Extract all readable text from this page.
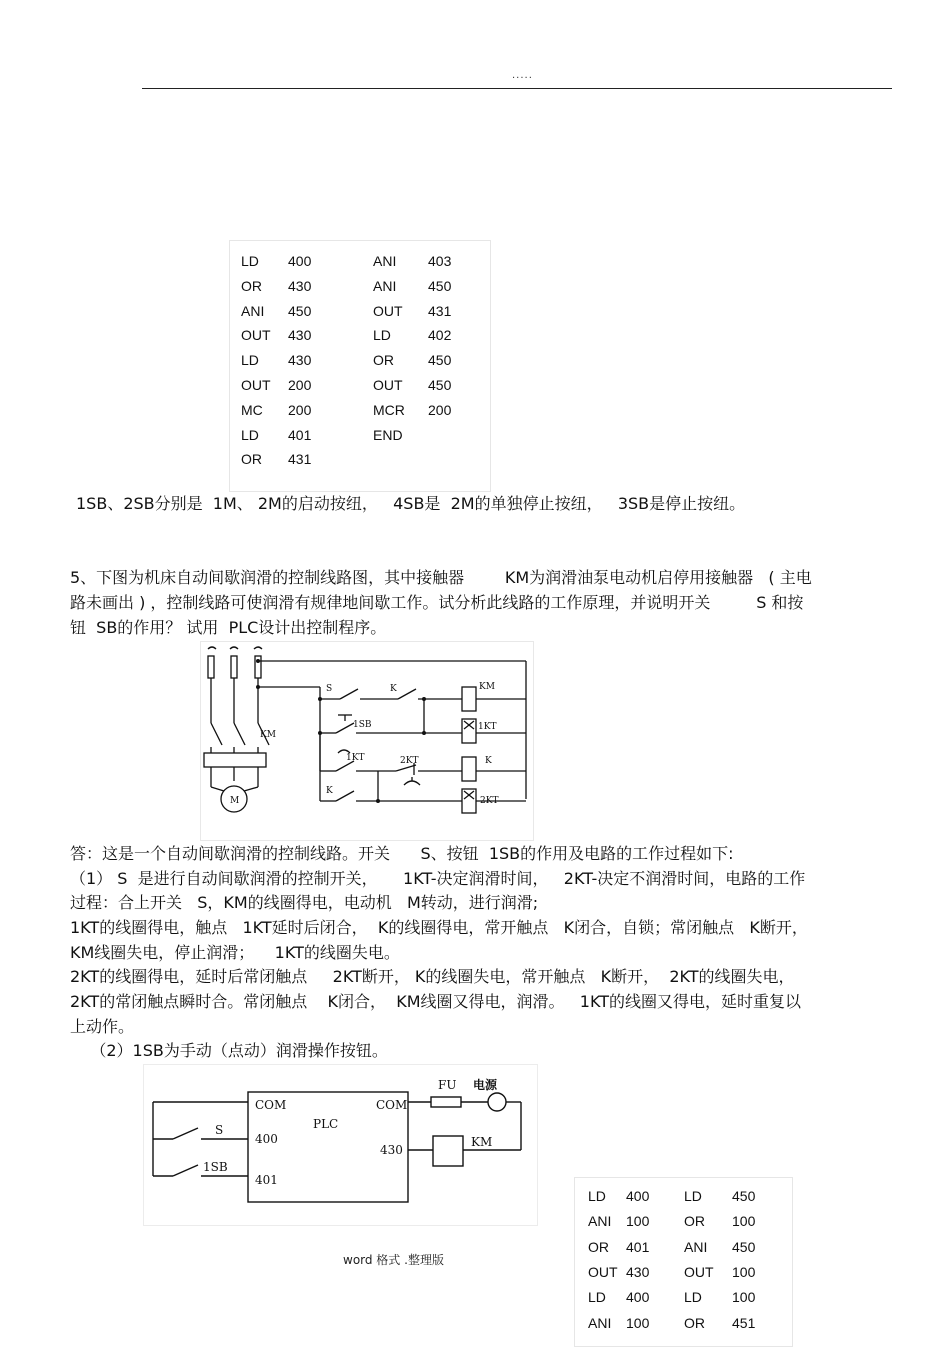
.....
LD 400	ANI 403
OR 430	ANI 450
ANI 450	OUT 431
OUT 430	LD	402
LD 430	OR 450
OUT 200	OUT 450
MC 200	MCR 200
LD 401	END
OR 431
1SB、2SB分别是  1M、 2M的启动按纽，   4SB是  2M的单独停止按纽，   3SB是停止按纽。
5、下图为机床自动间歇润滑的控制线路图，其中接触器        KM为润滑油泵电动机启停用接触器   ( 主电
路未画出 ) ，控制线路可使润滑有规律地间歇工作。试分析此线路的工作原理，并说明开关         S 和按
钮  SB的作用？ 试用  PLC设计出控制程序。
KM
S	K
1SB	1KT
1KT	2KT	K
K
2KT
KM
M
答：这是一个自动间歇润滑的控制线路。开关      S、按钮  1SB的作用及电路的工作过程如下:
（1） S  是进行自动间歇润滑的控制开关，     1KT-决定润滑时间，   2KT-决定不润滑时间，电路的工作
过程：合上开关   S，KM的线圈得电，电动机   M转动，进行润滑;
1KT的线圈得电，触点   1KT延时后闭合，  K的线圈得电，常开触点   K闭合，自锁；常闭触点   K断开，
KM线圈失电，停止润滑；    1KT的线圈失电。
2KT的线圈得电，延时后常闭触点     2KT断开， K的线圈失电，常开触点   K断开，  2KT的线圈失电，
2KT的常闭触点瞬时合。常闭触点    K闭合，  KM线圈又得电，润滑。   1KT的线圈又得电，延时重复以
上动作。
（2）1SB为手动（点动）润滑操作按钮。
COM	COM
PLC
400
401
430
S
1SB
FU 电源
KM
LD 400 LD 450
ANI 100 OR 100
OR 401 ANI 450
OUT 430 OUT 100
LD 400 LD 100
ANI 100 OR 451
word 格式 .整理版
